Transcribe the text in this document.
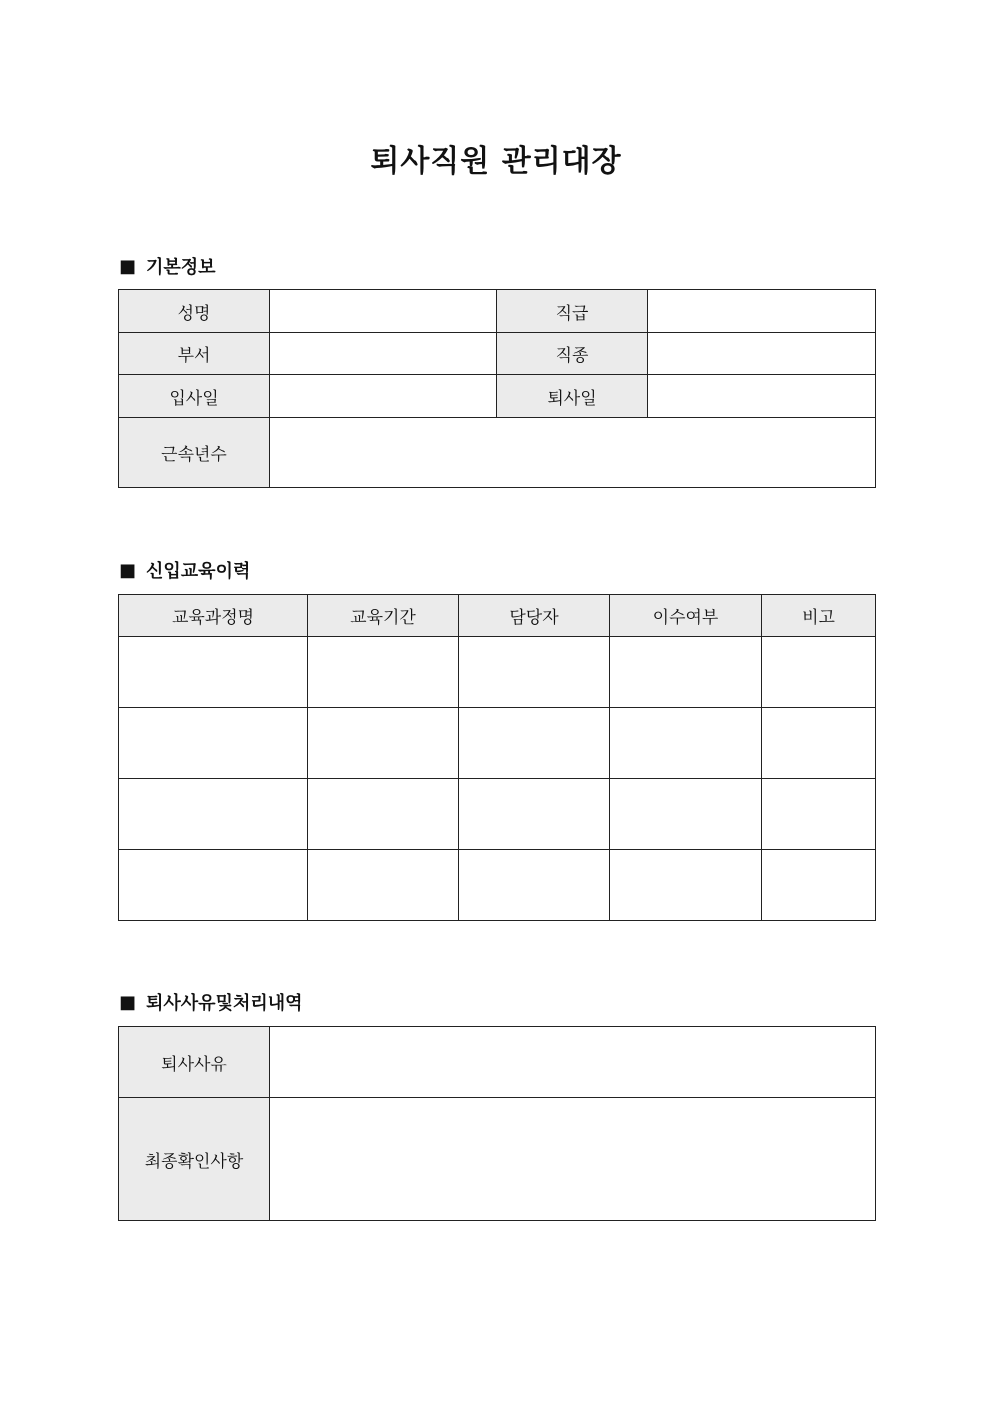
퇴사직원 관리대장
■ 기본정보
성명		직급	
부서		직종	
입사일		퇴사일	
근속년수			
■ 신입교육이력
교육과정명	교육기간	담당자	이수여부	비고

■ 퇴사사유및처리내역
퇴사사유	
최종확인사항	
